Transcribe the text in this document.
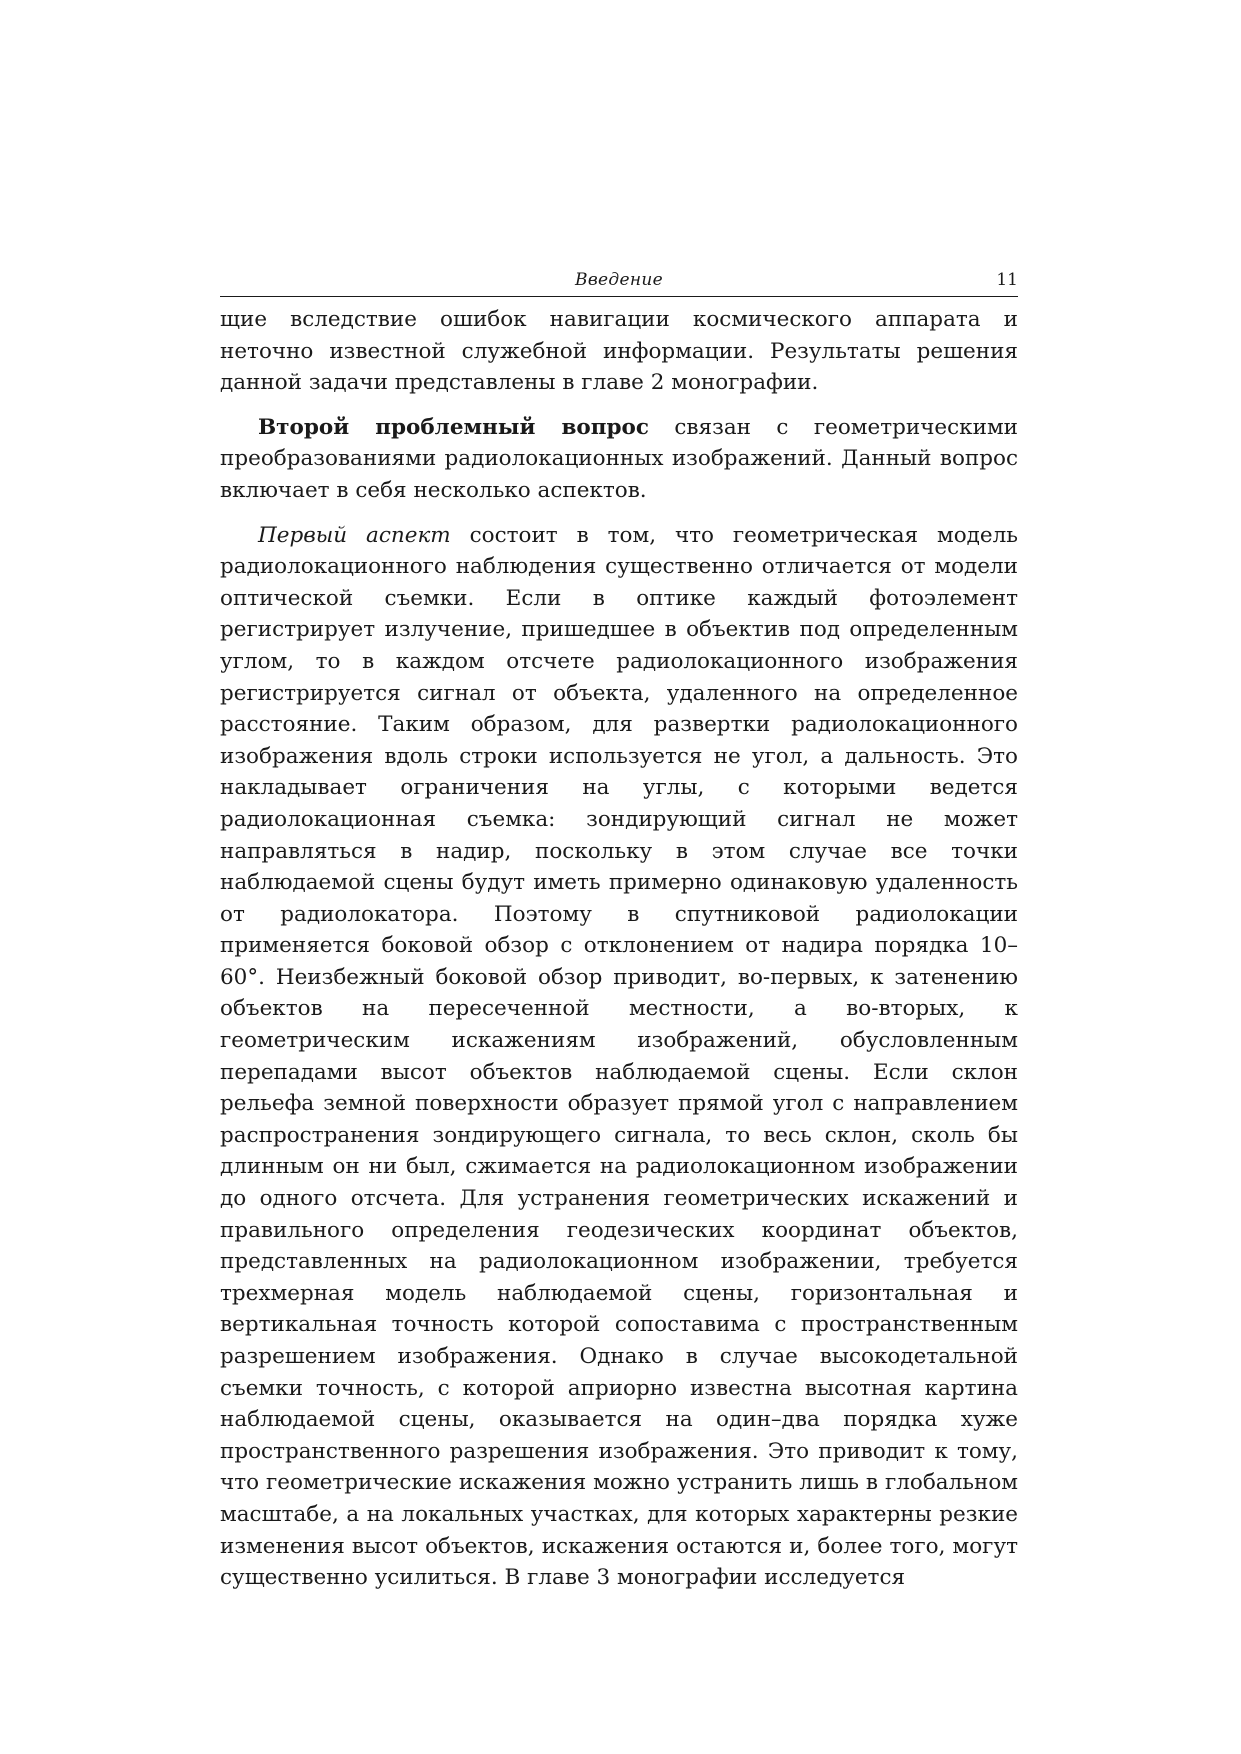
Введение	11

щие вследствие ошибок навигации космического аппарата и неточно известной служебной информации. Результаты решения данной задачи представлены в главе 2 монографии.

Второй проблемный вопрос связан с геометрическими преобразованиями радиолокационных изображений. Данный вопрос включает в себя несколько аспектов.

Первый аспект состоит в том, что геометрическая модель радиолокационного наблюдения существенно отличается от модели оптической съемки. Если в оптике каждый фотоэлемент регистрирует излучение, пришедшее в объектив под определенным углом, то в каждом отсчете радиолокационного изображения регистрируется сигнал от объекта, удаленного на определенное расстояние. Таким образом, для развертки радиолокационного изображения вдоль строки используется не угол, а дальность. Это накладывает ограничения на углы, с которыми ведется радиолокационная съемка: зондирующий сигнал не может направляться в надир, поскольку в этом случае все точки наблюдаемой сцены будут иметь примерно одинаковую удаленность от радиолокатора. Поэтому в спутниковой радиолокации применяется боковой обзор с отклонением от надира порядка 10–60°. Неизбежный боковой обзор приводит, во-первых, к затенению объектов на пересеченной местности, а во-вторых, к геометрическим искажениям изображений, обусловленным перепадами высот объектов наблюдаемой сцены. Если склон рельефа земной поверхности образует прямой угол с направлением распространения зондирующего сигнала, то весь склон, сколь бы длинным он ни был, сжимается на радиолокационном изображении до одного отсчета. Для устранения геометрических искажений и правильного определения геодезических координат объектов, представленных на радиолокационном изображении, требуется трехмерная модель наблюдаемой сцены, горизонтальная и вертикальная точность которой сопоставима с пространственным разрешением изображения. Однако в случае высокодетальной съемки точность, с которой априорно известна высотная картина наблюдаемой сцены, оказывается на один–два порядка хуже пространственного разрешения изображения. Это приводит к тому, что геометрические искажения можно устранить лишь в глобальном масштабе, а на локальных участках, для которых характерны резкие изменения высот объектов, искажения остаются и, более того, могут существенно усилиться. В главе 3 монографии исследуется
